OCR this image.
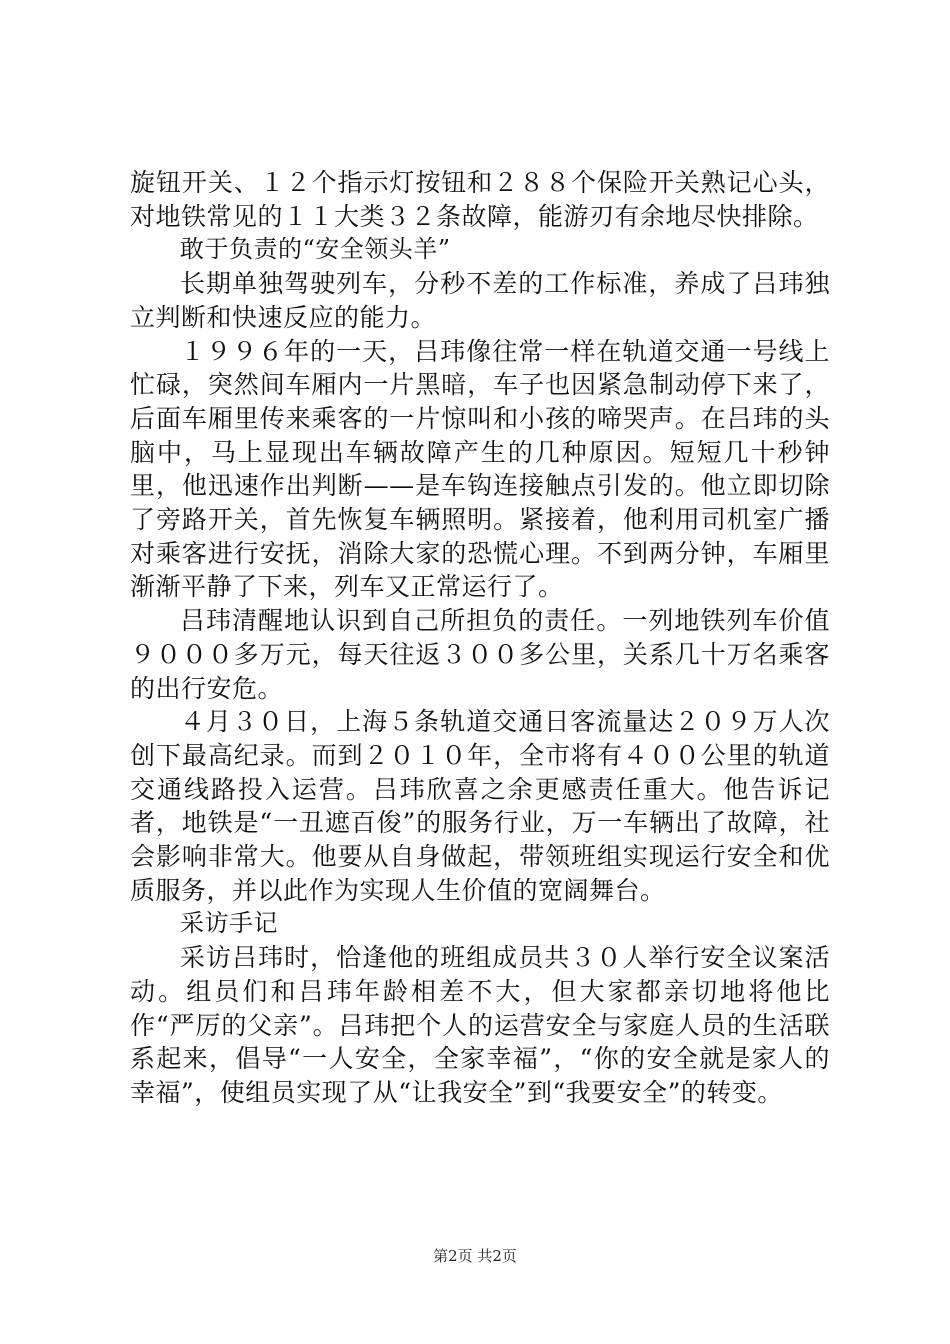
旋钮开关、１２个指示灯按钮和２８８个保险开关熟记心头，对地铁常见的１１大类３２条故障，能游刃有余地尽快排除。

敢于负责的“安全领头羊”

长期单独驾驶列车，分秒不差的工作标准，养成了吕玮独立判断和快速反应的能力。

１９９６年的一天，吕玮像往常一样在轨道交通一号线上忙碌，突然间车厢内一片黑暗，车子也因紧急制动停下来了，后面车厢里传来乘客的一片惊叫和小孩的啼哭声。在吕玮的头脑中，马上显现出车辆故障产生的几种原因。短短几十秒钟里，他迅速作出判断——是车钩连接触点引发的。他立即切除了旁路开关，首先恢复车辆照明。紧接着，他利用司机室广播对乘客进行安抚，消除大家的恐慌心理。不到两分钟，车厢里渐渐平静了下来，列车又正常运行了。

吕玮清醒地认识到自己所担负的责任。一列地铁列车价值９０００多万元，每天往返３００多公里，关系几十万名乘客的出行安危。

４月３０日，上海５条轨道交通日客流量达２０９万人次创下最高纪录。而到２０１０年，全市将有４００公里的轨道交通线路投入运营。吕玮欣喜之余更感责任重大。他告诉记者，地铁是“一丑遮百俊”的服务行业，万一车辆出了故障，社会影响非常大。他要从自身做起，带领班组实现运行安全和优质服务，并以此作为实现人生价值的宽阔舞台。

采访手记

采访吕玮时，恰逢他的班组成员共３０人举行安全议案活动。组员们和吕玮年龄相差不大，但大家都亲切地将他比作“严厉的父亲”。吕玮把个人的运营安全与家庭人员的生活联系起来，倡导“一人安全，全家幸福”，“你的安全就是家人的幸福”，使组员实现了从“让我安全”到“我要安全”的转变。

第2页 共2页
